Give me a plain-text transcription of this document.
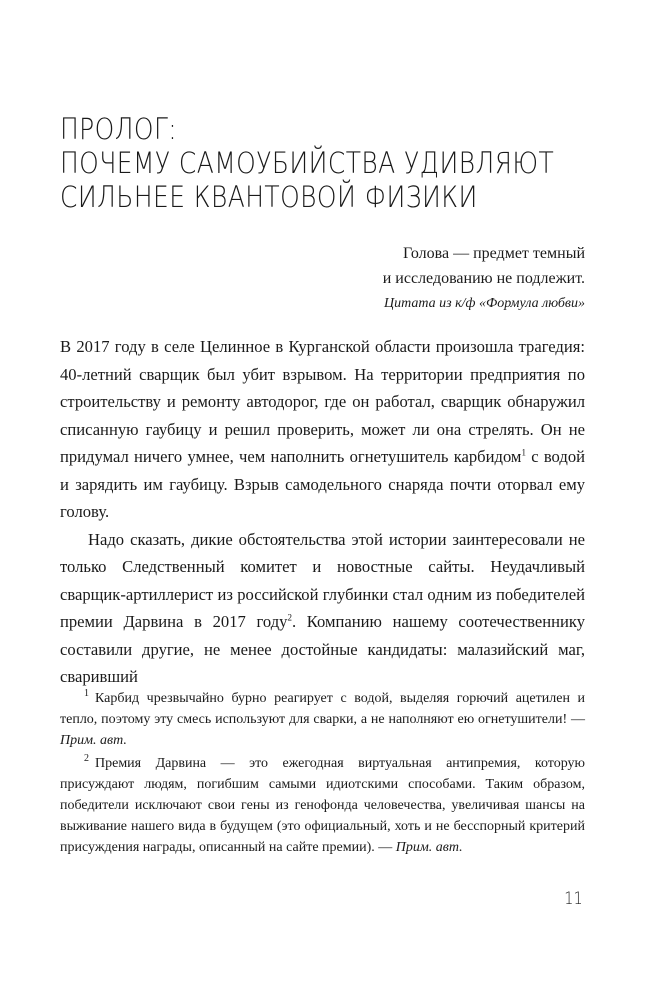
ПРОЛОГ:
ПОЧЕМУ САМОУБИЙСТВА УДИВЛЯЮТ
СИЛЬНЕЕ КВАНТОВОЙ ФИЗИКИ
Голова — предмет темный
и исследованию не подлежит.
Цитата из к/ф «Формула любви»

В 2017 году в селе Целинное в Курганской области произошла трагедия: 40-летний сварщик был убит взрывом. На территории предприятия по строительству и ремонту автодорог, где он работал, сварщик обнаружил списанную гаубицу и решил проверить, может ли она стрелять. Он не придумал ничего умнее, чем наполнить огнетушитель карбидом$^1$ с водой и зарядить им гаубицу. Взрыв самодельного снаряда почти оторвал ему голову.

Надо сказать, дикие обстоятельства этой истории заинтересовали не только Следственный комитет и новостные сайты. Неудачливый сварщик-артиллерист из российской глубинки стал одним из победителей премии Дарвина в 2017 году$^2$. Компанию нашему соотечественнику составили другие, не менее достойные кандидаты: малазийский маг, сваривший

$^1$ Карбид чрезвычайно бурно реагирует с водой, выделяя горючий ацетилен и тепло, поэтому эту смесь используют для сварки, а не наполняют ею огнетушители! — Прим. авт.

$^2$ Премия Дарвина — это ежегодная виртуальная антипремия, которую присуждают людям, погибшим самыми идиотскими способами. Таким образом, победители исключают свои гены из генофонда человечества, увеличивая шансы на выживание нашего вида в будущем (это официальный, хоть и не бесспорный критерий присуждения награды, описанный на сайте премии). — Прим. авт.

11
